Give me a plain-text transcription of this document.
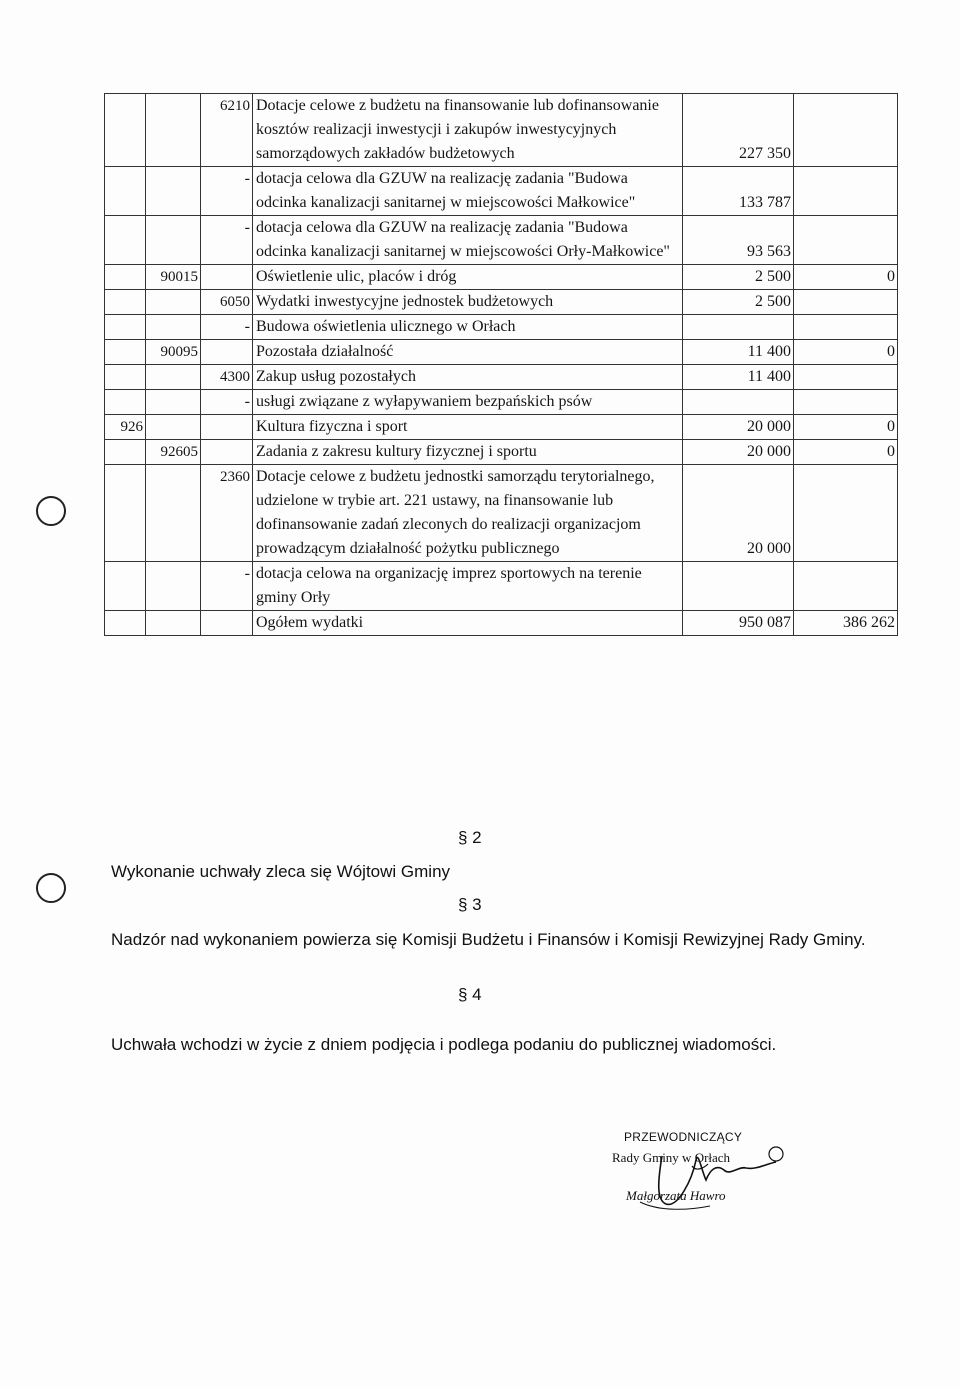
		6210	Dotacje celowe z budżetu na finansowanie lub dofinansowanie kosztów realizacji inwestycji i zakupów inwestycyjnych samorządowych zakładów budżetowych	227 350	
		-	dotacja celowa dla GZUW na realizację zadania "Budowa odcinka kanalizacji sanitarnej w miejscowości Małkowice"	133 787	
		-	dotacja celowa dla GZUW na realizację zadania "Budowa odcinka kanalizacji sanitarnej w miejscowości Orły-Małkowice"	93 563	
	90015		Oświetlenie ulic, placów i dróg	2 500	0
		6050	Wydatki inwestycyjne jednostek budżetowych	2 500	
		-	Budowa oświetlenia ulicznego w Orłach		
	90095		Pozostała działalność	11 400	0
		4300	Zakup usług pozostałych	11 400	
		-	usługi związane z wyłapywaniem bezpańskich psów		
926			Kultura fizyczna i sport	20 000	0
	92605		Zadania z zakresu kultury fizycznej i sportu	20 000	0
		2360	Dotacje celowe z budżetu jednostki samorządu terytorialnego, udzielone w trybie art. 221 ustawy, na finansowanie lub dofinansowanie zadań zleconych do realizacji organizacjom prowadzącym działalność pożytku publicznego	20 000	
		-	dotacja celowa na organizację imprez sportowych na terenie gminy Orły		
			Ogółem wydatki	950 087	386 262
§ 2
Wykonanie uchwały zleca się Wójtowi Gminy
§ 3
Nadzór nad wykonaniem powierza się Komisji Budżetu i Finansów i Komisji Rewizyjnej Rady Gminy.
§ 4
Uchwała wchodzi w życie z dniem podjęcia i podlega podaniu do publicznej wiadomości.
PRZEWODNICZĄCY
Rady Gminy w Orłach
Małgorzata Hawro
